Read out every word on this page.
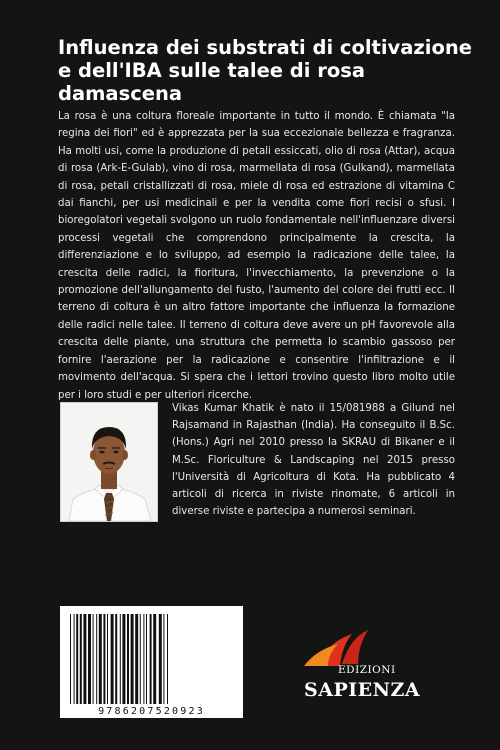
Influenza dei substrati di coltivazione e dell'IBA sulle talee di rosa damascena

La rosa è una coltura floreale importante in tutto il mondo. È chiamata "la regina dei fiori" ed è apprezzata per la sua eccezionale bellezza e fragranza. Ha molti usi, come la produzione di petali essiccati, olio di rosa (Attar), acqua di rosa (Ark-E-Gulab), vino di rosa, marmellata di rosa (Gulkand), marmellata di rosa, petali cristallizzati di rosa, miele di rosa ed estrazione di vitamina C dai fianchi, per usi medicinali e per la vendita come fiori recisi o sfusi. I bioregolatori vegetali svolgono un ruolo fondamentale nell'influenzare diversi processi vegetali che comprendono principalmente la crescita, la differenziazione e lo sviluppo, ad esempio la radicazione delle talee, la crescita delle radici, la fioritura, l'invecchiamento, la prevenzione o la promozione dell'allungamento del fusto, l'aumento del colore dei frutti ecc. Il terreno di coltura è un altro fattore importante che influenza la formazione delle radici nelle talee. Il terreno di coltura deve avere un pH favorevole alla crescita delle piante, una struttura che permetta lo scambio gassoso per fornire l'aerazione per la radicazione e consentire l'infiltrazione e il movimento dell'acqua. Si spera che i lettori trovino questo libro molto utile per i loro studi e per ulteriori ricerche.

Vikas Kumar Khatik è nato il 15/081988 a Gilund nel Rajsamand in Rajasthan (India). Ha conseguito il B.Sc. (Hons.) Agri nel 2010 presso la SKRAU di Bikaner e il M.Sc. Floriculture & Landscaping nel 2015 presso l'Università di Agricoltura di Kota. Ha pubblicato 4 articoli di ricerca in riviste rinomate, 6 articoli in diverse riviste e partecipa a numerosi seminari.

9786207520923
EDIZIONI
SAPIENZA
